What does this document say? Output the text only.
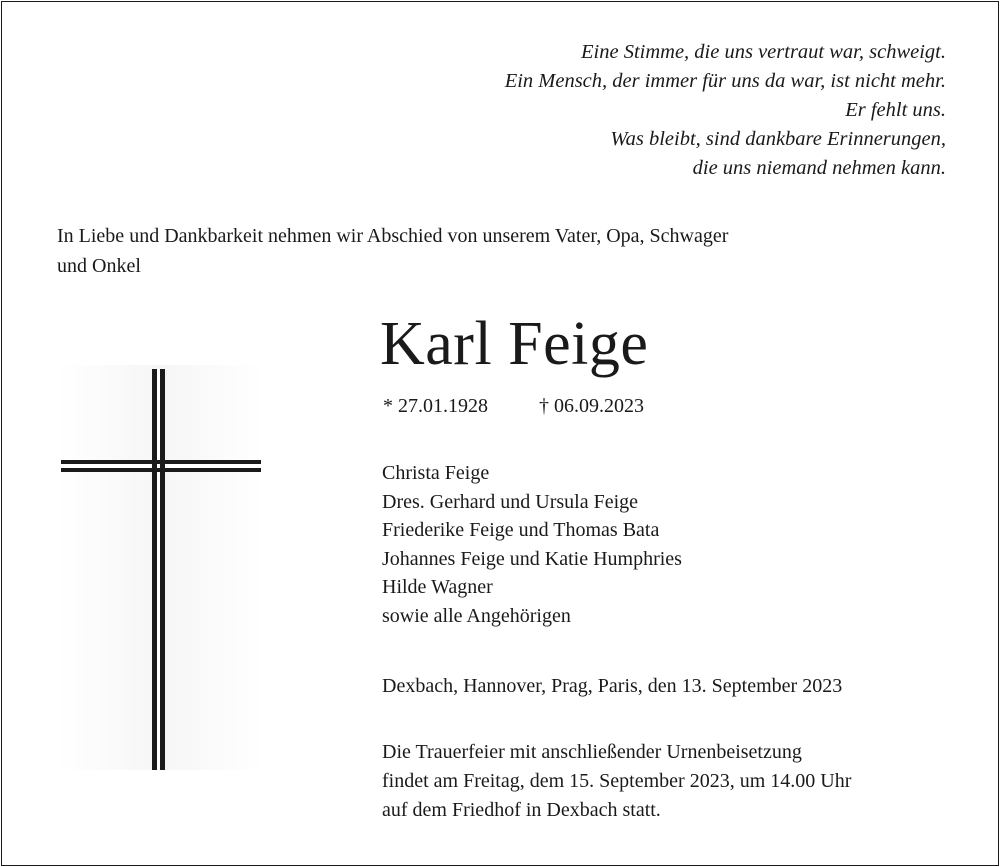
Eine Stimme, die uns vertraut war, schweigt.
Ein Mensch, der immer für uns da war, ist nicht mehr.
Er fehlt uns.
Was bleibt, sind dankbare Erinnerungen,
die uns niemand nehmen kann.
In Liebe und Dankbarkeit nehmen wir Abschied von unserem Vater, Opa, Schwager
und Onkel
Karl Feige
* 27.01.1928	† 06.09.2023
Christa Feige
Dres. Gerhard und Ursula Feige
Friederike Feige und Thomas Bata
Johannes Feige und Katie Humphries
Hilde Wagner
sowie alle Angehörigen
Dexbach, Hannover, Prag, Paris, den 13. September 2023
Die Trauerfeier mit anschließender Urnenbeisetzung
findet am Freitag, dem 15. September 2023, um 14.00 Uhr
auf dem Friedhof in Dexbach statt.
